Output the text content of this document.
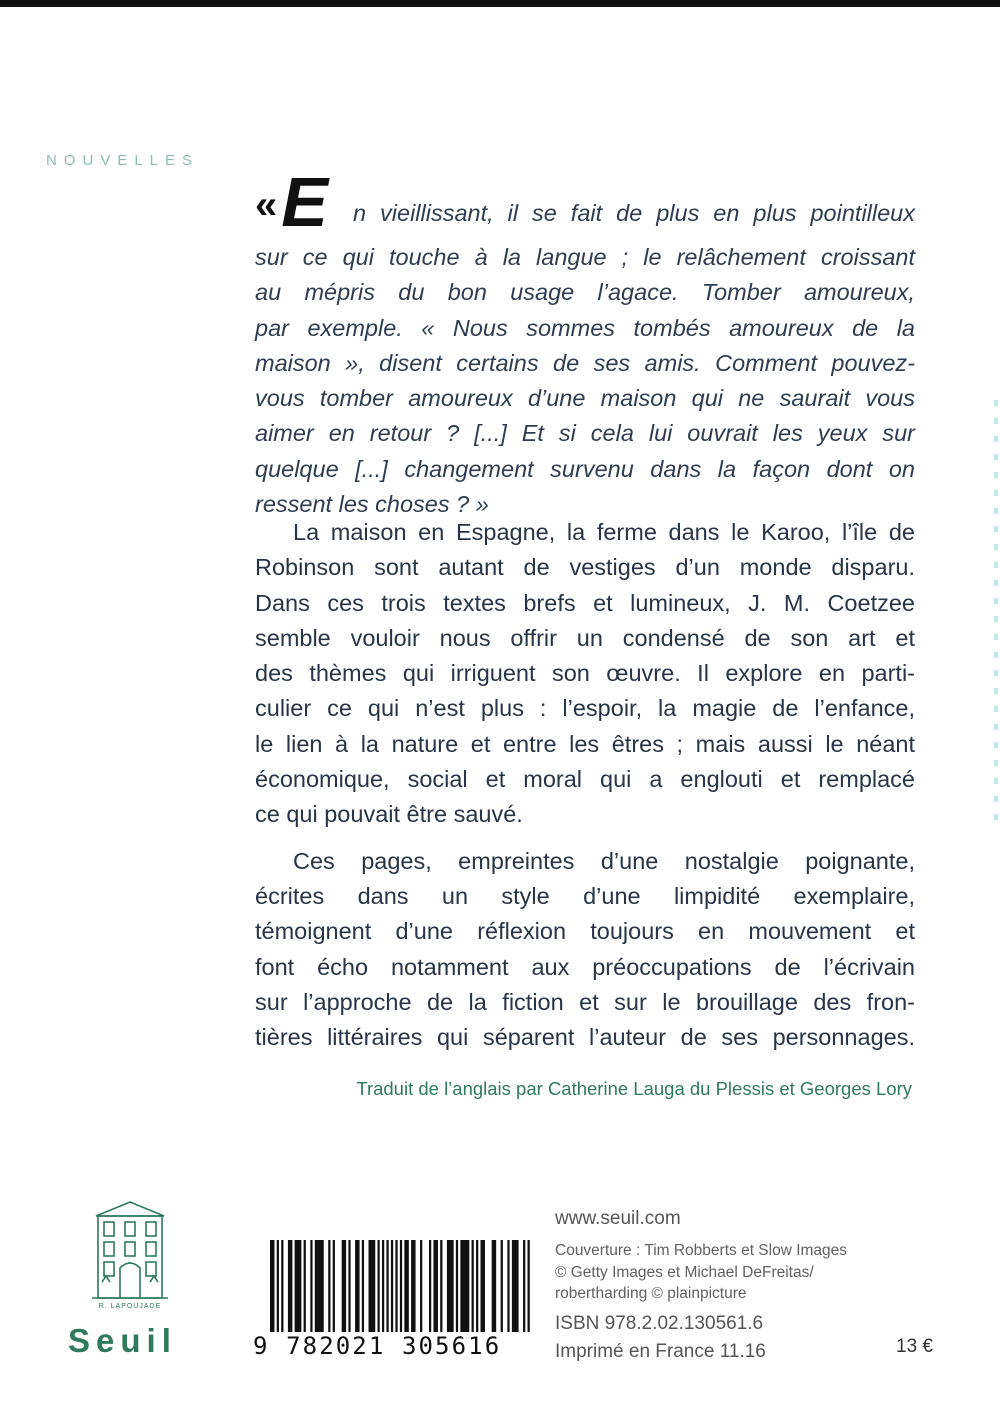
NOUVELLES
«E n vieillissant, il se fait de plus en plus pointilleux
sur ce qui touche à la langue ; le relâchement croissant
au mépris du bon usage l’agace. Tomber amoureux,
par exemple. « Nous sommes tombés amoureux de la
maison », disent certains de ses amis. Comment pouvez-
vous tomber amoureux d’une maison qui ne saurait vous
aimer en retour ? [...] Et si cela lui ouvrait les yeux sur
quelque [...] changement survenu dans la façon dont on
ressent les choses ? »
La maison en Espagne, la ferme dans le Karoo, l’île de
Robinson sont autant de vestiges d’un monde disparu.
Dans ces trois textes brefs et lumineux, J. M. Coetzee
semble vouloir nous offrir un condensé de son art et
des thèmes qui irriguent son œuvre. Il explore en parti-
culier ce qui n’est plus : l’espoir, la magie de l’enfance,
le lien à la nature et entre les êtres ; mais aussi le néant
économique, social et moral qui a englouti et remplacé
ce qui pouvait être sauvé.
Ces pages, empreintes d’une nostalgie poignante,
écrites dans un style d’une limpidité exemplaire,
témoignent d’une réflexion toujours en mouvement et
font écho notamment aux préoccupations de l’écrivain
sur l’approche de la fiction et sur le brouillage des fron-
tières littéraires qui séparent l’auteur de ses personnages.
Traduit de l’anglais par Catherine Lauga du Plessis et Georges Lory
R. LAPOUJADE
Seuil	9 782021 305616
www.seuil.com
Couverture : Tim Robberts et Slow Images
© Getty Images et Michael DeFreitas/
robertharding © plainpicture
ISBN 978.2.02.130561.6
Imprimé en France 11.16	13 €
